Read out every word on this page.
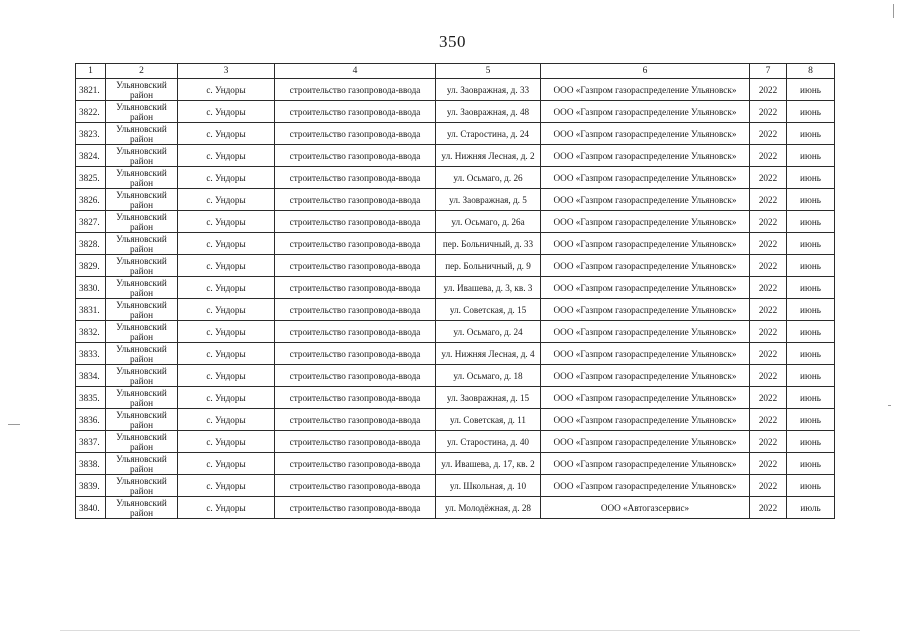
350
1	2	3	4	5	6	7	8
3821.	Ульяновский район	с. Ундоры	строительство газопровода-ввода	ул. Заовражная, д. 33	ООО «Газпром газораспределение Ульяновск»	2022	июнь
3822.	Ульяновский район	с. Ундоры	строительство газопровода-ввода	ул. Заовражная, д. 48	ООО «Газпром газораспределение Ульяновск»	2022	июнь
3823.	Ульяновский район	с. Ундоры	строительство газопровода-ввода	ул. Старостина, д. 24	ООО «Газпром газораспределение Ульяновск»	2022	июнь
3824.	Ульяновский район	с. Ундоры	строительство газопровода-ввода	ул. Нижняя Лесная, д. 2	ООО «Газпром газораспределение Ульяновск»	2022	июнь
3825.	Ульяновский район	с. Ундоры	строительство газопровода-ввода	ул. Осьмаго, д. 26	ООО «Газпром газораспределение Ульяновск»	2022	июнь
3826.	Ульяновский район	с. Ундоры	строительство газопровода-ввода	ул. Заовражная, д. 5	ООО «Газпром газораспределение Ульяновск»	2022	июнь
3827.	Ульяновский район	с. Ундоры	строительство газопровода-ввода	ул. Осьмаго, д. 26а	ООО «Газпром газораспределение Ульяновск»	2022	июнь
3828.	Ульяновский район	с. Ундоры	строительство газопровода-ввода	пер. Больничный, д. 33	ООО «Газпром газораспределение Ульяновск»	2022	июнь
3829.	Ульяновский район	с. Ундоры	строительство газопровода-ввода	пер. Больничный, д. 9	ООО «Газпром газораспределение Ульяновск»	2022	июнь
3830.	Ульяновский район	с. Ундоры	строительство газопровода-ввода	ул. Ивашева, д. 3, кв. 3	ООО «Газпром газораспределение Ульяновск»	2022	июнь
3831.	Ульяновский район	с. Ундоры	строительство газопровода-ввода	ул. Советская, д. 15	ООО «Газпром газораспределение Ульяновск»	2022	июнь
3832.	Ульяновский район	с. Ундоры	строительство газопровода-ввода	ул. Осьмаго, д. 24	ООО «Газпром газораспределение Ульяновск»	2022	июнь
3833.	Ульяновский район	с. Ундоры	строительство газопровода-ввода	ул. Нижняя Лесная, д. 4	ООО «Газпром газораспределение Ульяновск»	2022	июнь
3834.	Ульяновский район	с. Ундоры	строительство газопровода-ввода	ул. Осьмаго, д. 18	ООО «Газпром газораспределение Ульяновск»	2022	июнь
3835.	Ульяновский район	с. Ундоры	строительство газопровода-ввода	ул. Заовражная, д. 15	ООО «Газпром газораспределение Ульяновск»	2022	июнь
3836.	Ульяновский район	с. Ундоры	строительство газопровода-ввода	ул. Советская, д. 11	ООО «Газпром газораспределение Ульяновск»	2022	июнь
3837.	Ульяновский район	с. Ундоры	строительство газопровода-ввода	ул. Старостина, д. 40	ООО «Газпром газораспределение Ульяновск»	2022	июнь
3838.	Ульяновский район	с. Ундоры	строительство газопровода-ввода	ул. Ивашева, д. 17, кв. 2	ООО «Газпром газораспределение Ульяновск»	2022	июнь
3839.	Ульяновский район	с. Ундоры	строительство газопровода-ввода	ул. Школьная, д. 10	ООО «Газпром газораспределение Ульяновск»	2022	июнь
3840.	Ульяновский район	с. Ундоры	строительство газопровода-ввода	ул. Молодёжная, д. 28	ООО «Автогазсервис»	2022	июль
